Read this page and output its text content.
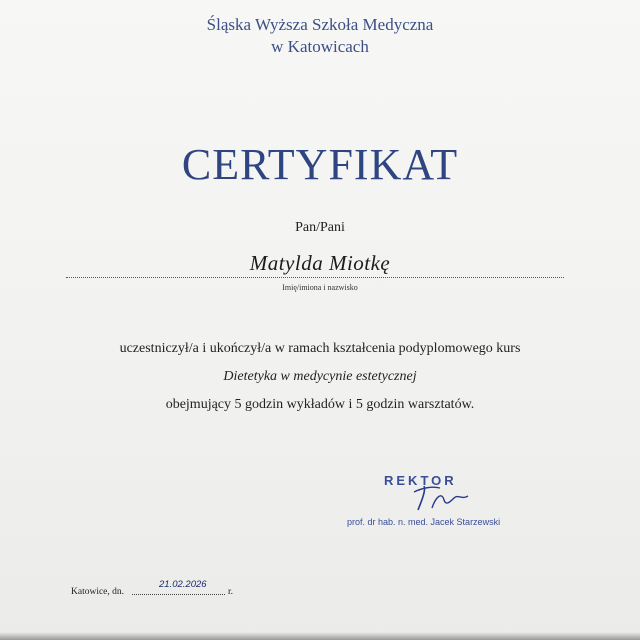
Śląska Wyższa Szkoła Medyczna
w Katowicach
CERTYFIKAT
Pan/Pani
Matylda Miotkę
Imię/imiona i nazwisko
uczestniczył/a i ukończył/a w ramach kształcenia podyplomowego kurs
Dietetyka w medycynie estetycznej
obejmujący 5 godzin wykładów i 5 godzin warsztatów.
REKTOR
prof. dr hab. n. med. Jacek Starzewski
Katowice, dn.
21.02.2026
r.
